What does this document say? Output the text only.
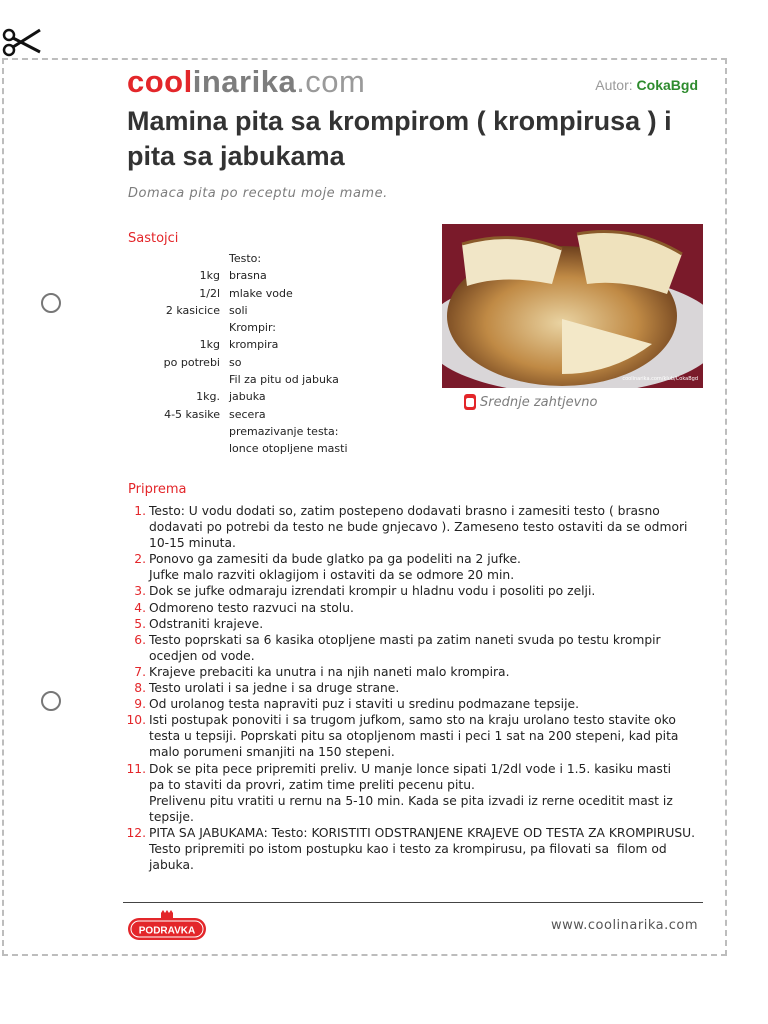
coolinarika.com	Autor: CokaBgd
Mamina pita sa krompirom ( krompirusa ) i pita sa jabukama
Domaca pita po receptu moje mame.
Sastojci
	Testo:
1kg	brasna
1/2l	mlake vode
2 kasicice	soli
	Krompir:
1kg	krompira
po potrebi	so
	Fil za pitu od jabuka
1kg.	jabuka
4-5 kasike	secera
	premazivanje testa:
	lonce otopljene masti
coolinarika.com/klub/CokaBgd
Srednje zahtjevno
Priprema
1. Testo: U vodu dodati so, zatim postepeno dodavati brasno i zamesiti testo ( brasno
dodavati po potrebi da testo ne bude gnjecavo ). Zameseno testo ostaviti da se odmori
10-15 minuta.
2. Ponovo ga zamesiti da bude glatko pa ga podeliti na 2 jufke.
Jufke malo razviti oklagijom i ostaviti da se odmore 20 min.
3. Dok se jufke odmaraju izrendati krompir u hladnu vodu i posoliti po zelji.
4. Odmoreno testo razvuci na stolu.
5. Odstraniti krajeve.
6. Testo poprskati sa 6 kasika otopljene masti pa zatim naneti svuda po testu krompir
ocedjen od vode.
7. Krajeve prebaciti ka unutra i na njih naneti malo krompira.
8. Testo urolati i sa jedne i sa druge strane.
9. Od urolanog testa napraviti puz i staviti u sredinu podmazane tepsije.
10. Isti postupak ponoviti i sa trugom jufkom, samo sto na kraju urolano testo stavite oko
testa u tepsiji. Poprskati pitu sa otopljenom masti i peci 1 sat na 200 stepeni, kad pita
malo porumeni smanjiti na 150 stepeni.
11. Dok se pita pece pripremiti preliv. U manje lonce sipati 1/2dl vode i 1.5. kasiku masti
pa to staviti da provri, zatim time preliti pecenu pitu.
Prelivenu pitu vratiti u rernu na 5-10 min. Kada se pita izvadi iz rerne oceditit mast iz
tepsije.
12. PITA SA JABUKAMA: Testo: KORISTITI ODSTRANJENE KRAJEVE OD TESTA ZA KROMPIRUSU.
Testo pripremiti po istom postupku kao i testo za krompirusu, pa filovati sa  filom od
jabuka.
PODRAVKA	www.coolinarika.com
